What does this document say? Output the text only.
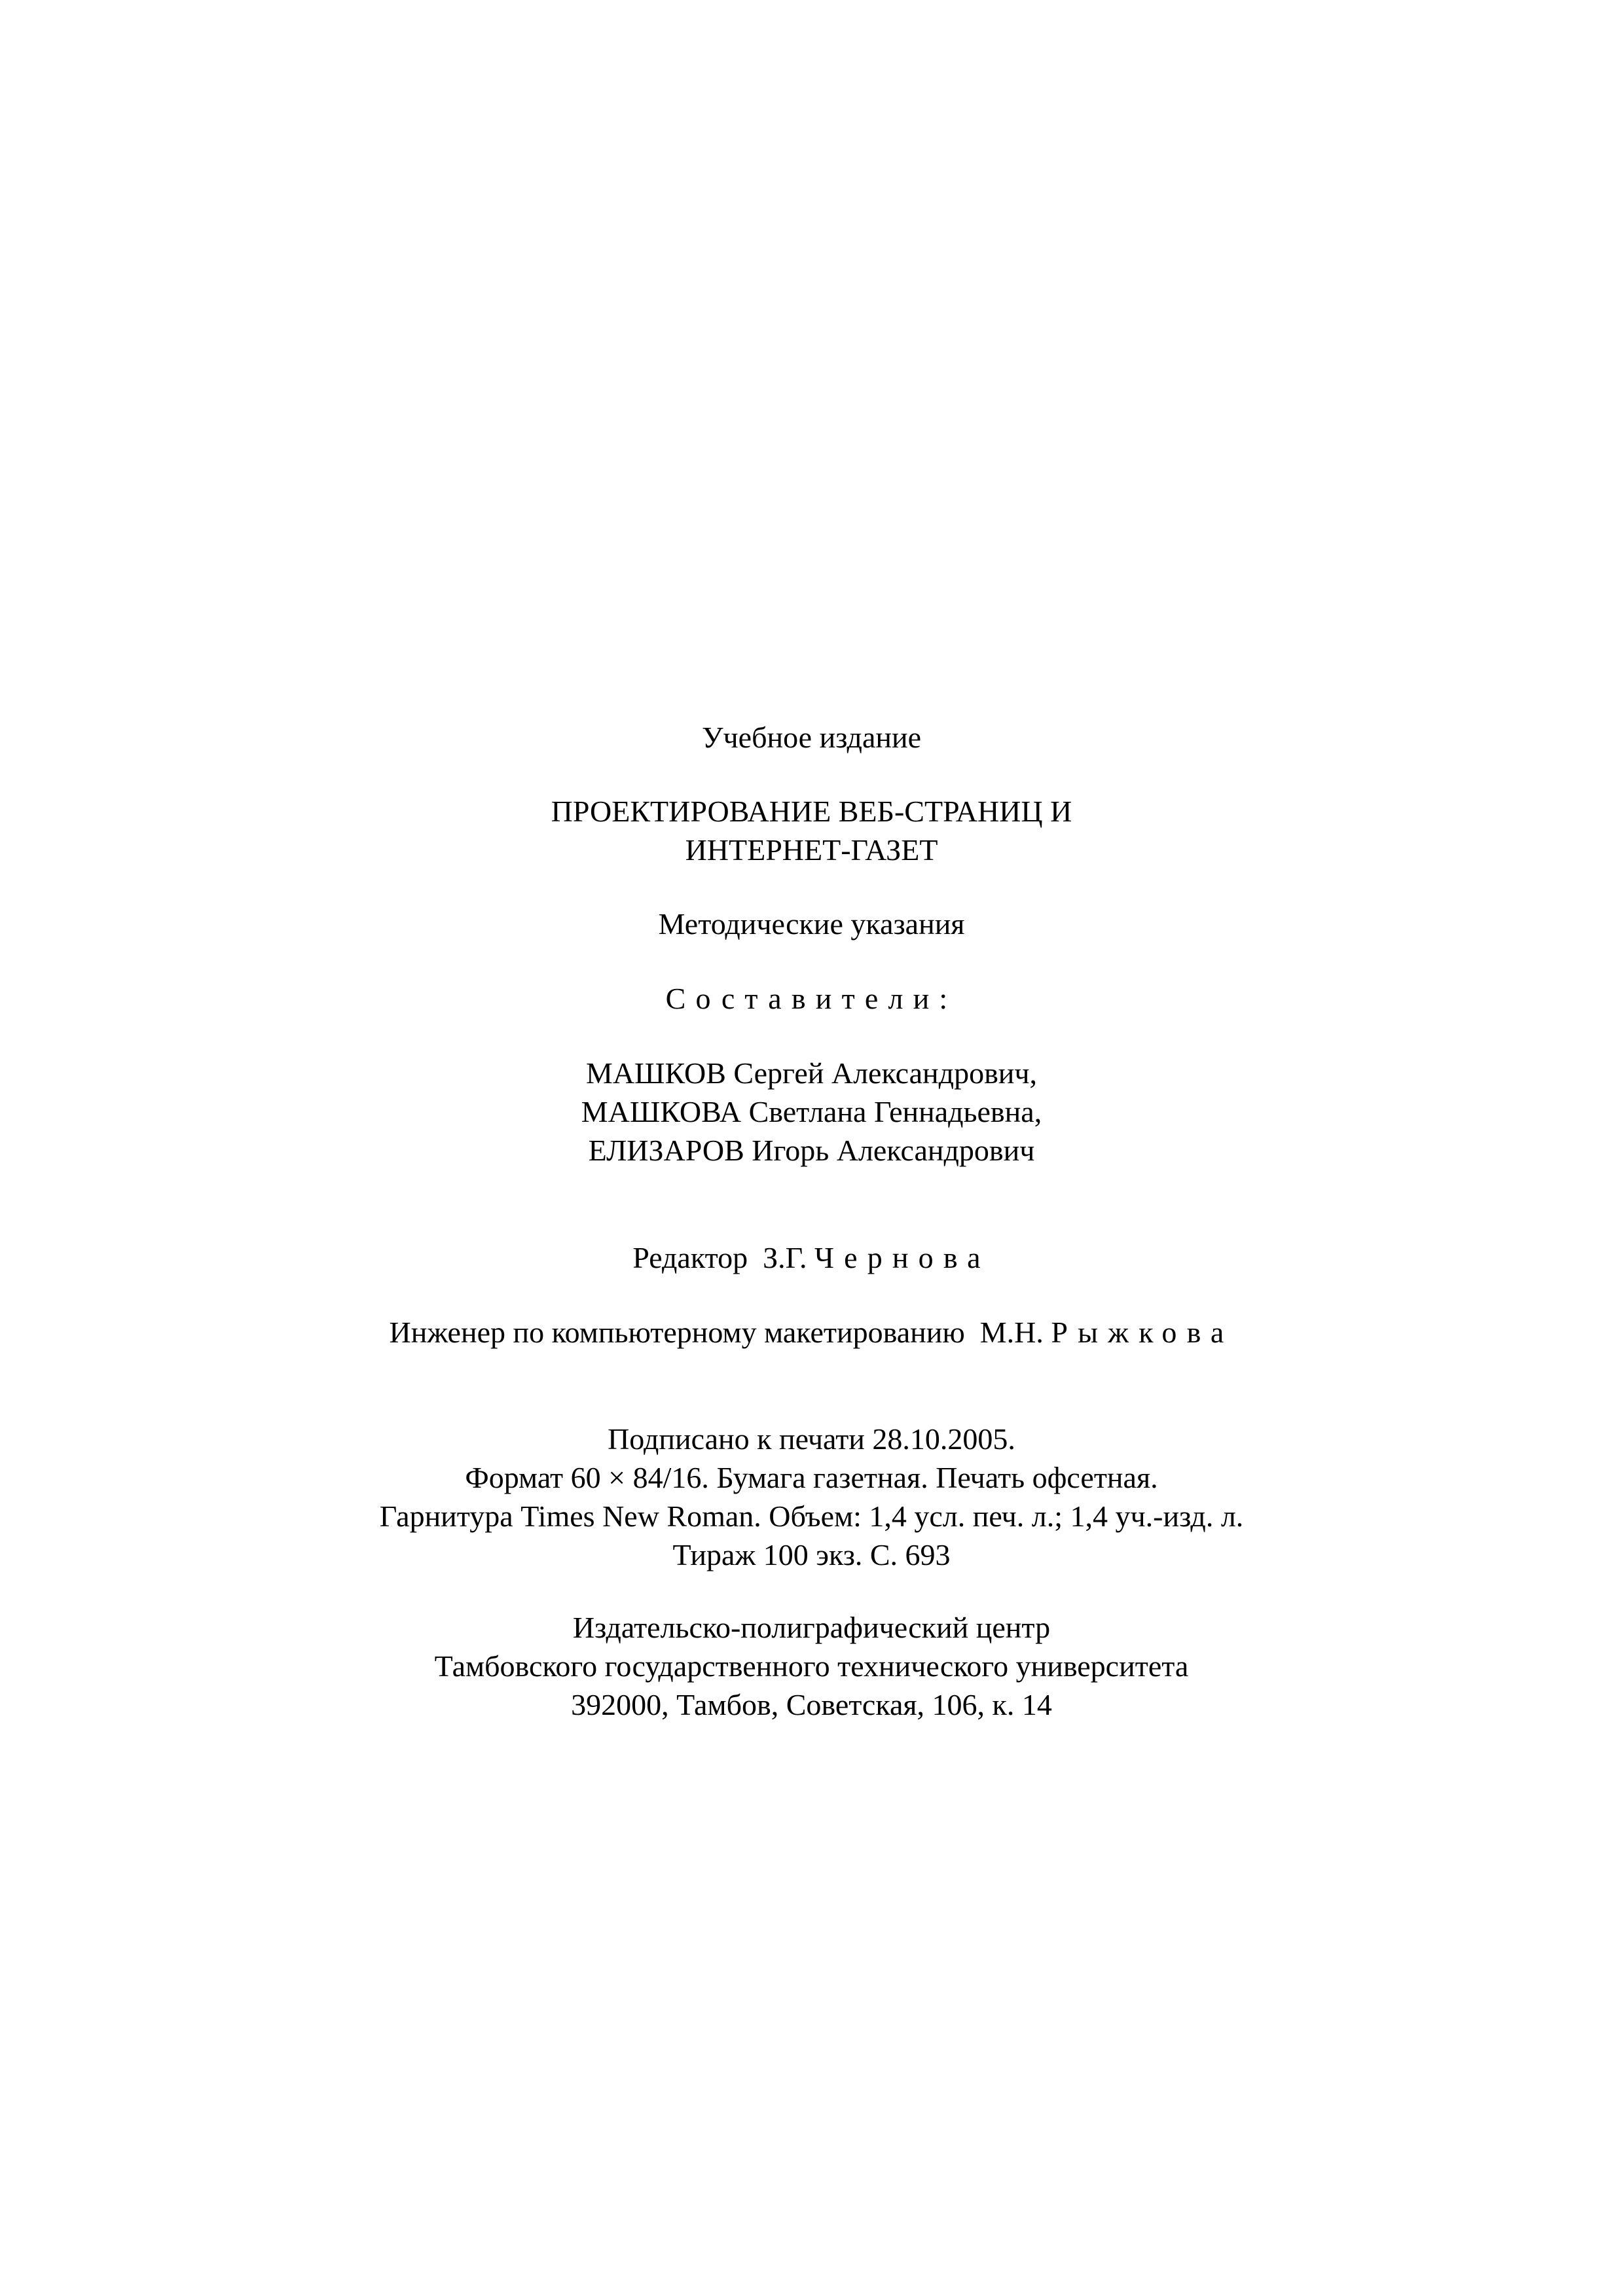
Учебное издание
ПРОЕКТИРОВАНИЕ ВЕБ-СТРАНИЦ И
ИНТЕРНЕТ-ГАЗЕТ
Методические указания
Составители:
МАШКОВ Сергей Александрович,
МАШКОВА Светлана Геннадьевна,
ЕЛИЗАРОВ Игорь Александрович
Редактор З.Г. Чернова
Инженер по компьютерному макетированию М.Н. Рыжкова
Подписано к печати 28.10.2005.
Формат 60 × 84/16. Бумага газетная. Печать офсетная.
Гарнитура Times New Roman. Объем: 1,4 усл. печ. л.; 1,4 уч.-изд. л.
Тираж 100 экз. С. 693
Издательско-полиграфический центр
Тамбовского государственного технического университета
392000, Тамбов, Советская, 106, к. 14
